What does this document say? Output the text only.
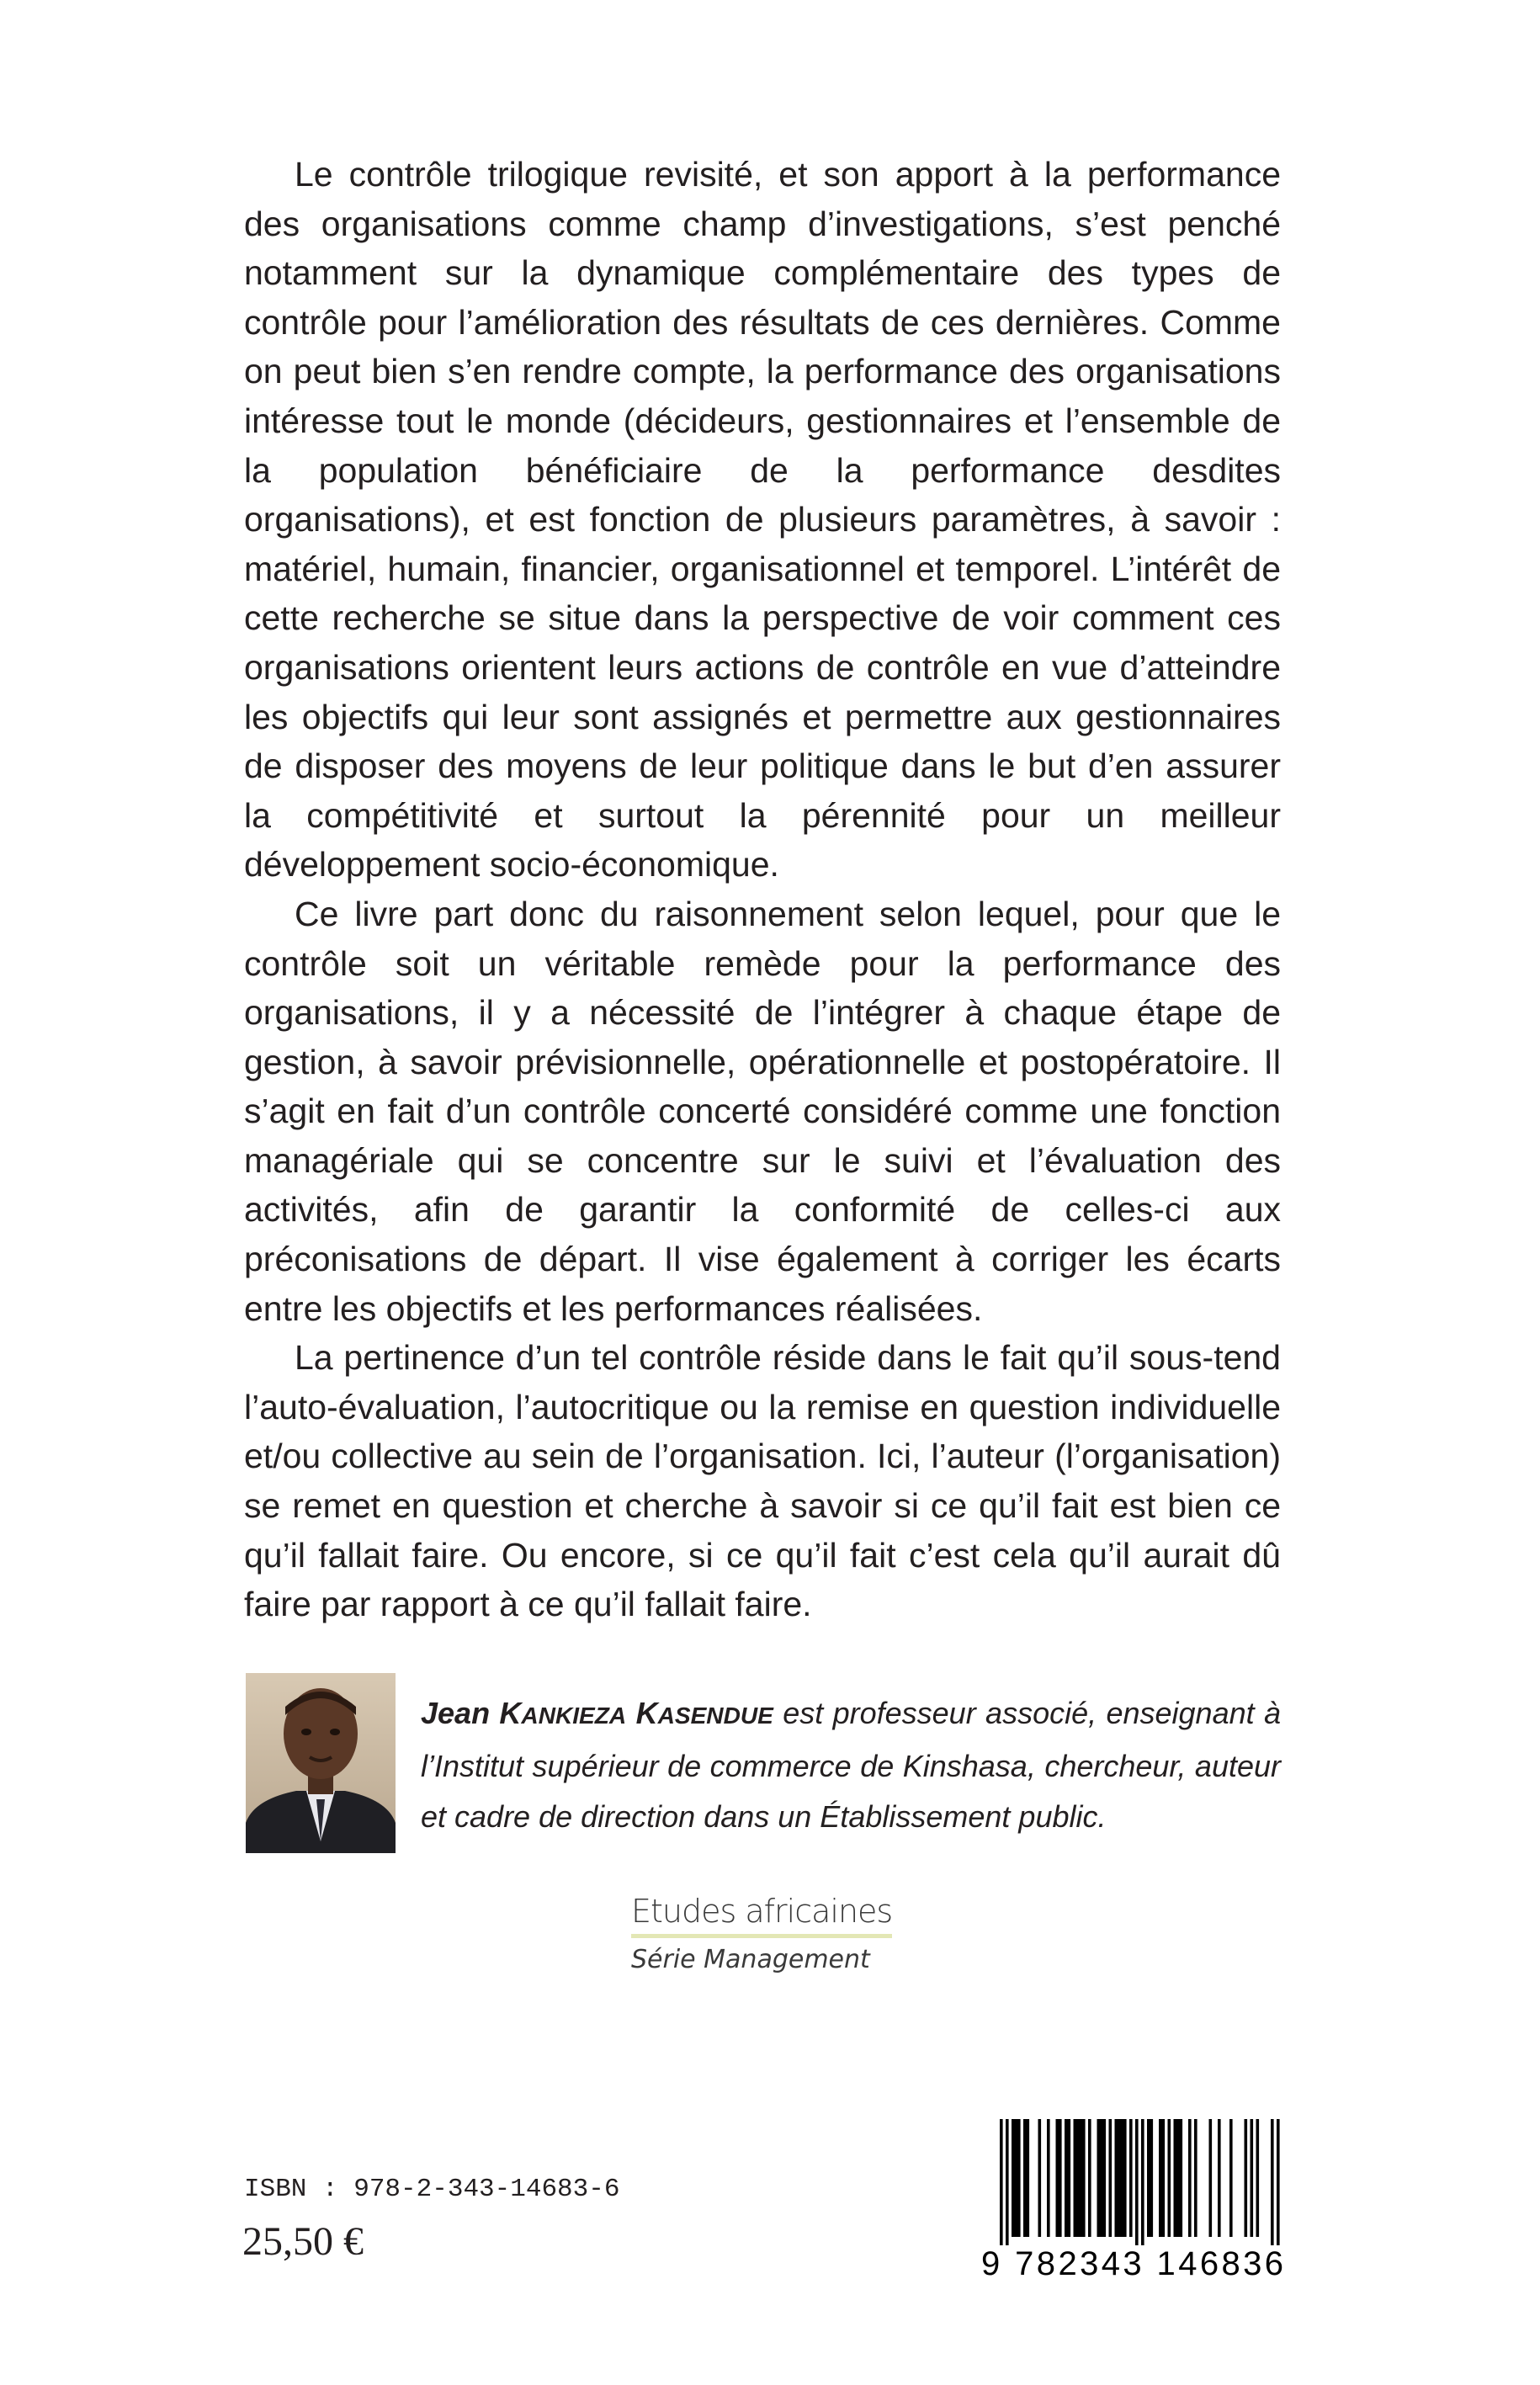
Le contrôle trilogique revisité, et son apport à la performance des organisations comme champ d’investigations, s’est penché notamment sur la dynamique complémentaire des types de contrôle pour l’amélioration des résultats de ces dernières. Comme on peut bien s’en rendre compte, la performance des organisations intéresse tout le monde (décideurs, gestionnaires et l’ensemble de la population bénéficiaire de la performance desdites organisations), et est fonction de plusieurs paramètres, à savoir : matériel, humain, financier, organisationnel et temporel. L’intérêt de cette recherche se situe dans la perspective de voir comment ces organisations orientent leurs actions de contrôle en vue d’atteindre les objectifs qui leur sont assignés et permettre aux gestionnaires de disposer des moyens de leur politique dans le but d’en assurer la compétitivité et surtout la pérennité pour un meilleur développement socio-économique.

Ce livre part donc du raisonnement selon lequel, pour que le contrôle soit un véritable remède pour la performance des organisations, il y a nécessité de l’intégrer à chaque étape de gestion, à savoir prévisionnelle, opérationnelle et postopératoire. Il s’agit en fait d’un contrôle concerté considéré comme une fonction managériale qui se concentre sur le suivi et l’évaluation des activités, afin de garantir la conformité de celles-ci aux préconisations de départ. Il vise également à corriger les écarts entre les objectifs et les performances réalisées.

La pertinence d’un tel contrôle réside dans le fait qu’il sous-tend l’auto-évaluation, l’autocritique ou la remise en question individuelle et/ou collective au sein de l’organisation. Ici, l’auteur (l’organisation) se remet en question et cherche à savoir si ce qu’il fait est bien ce qu’il fallait faire. Ou encore, si ce qu’il fait c’est cela qu’il aurait dû faire par rapport à ce qu’il fallait faire.

Jean KANKIEZA KASENDUE est professeur associé, enseignant à l’Institut supérieur de commerce de Kinshasa, chercheur, auteur et cadre de direction dans un Établissement public.
Etudes africaines
Série Management
ISBN : 978-2-343-14683-6
25,50 €	9 782343 146836
